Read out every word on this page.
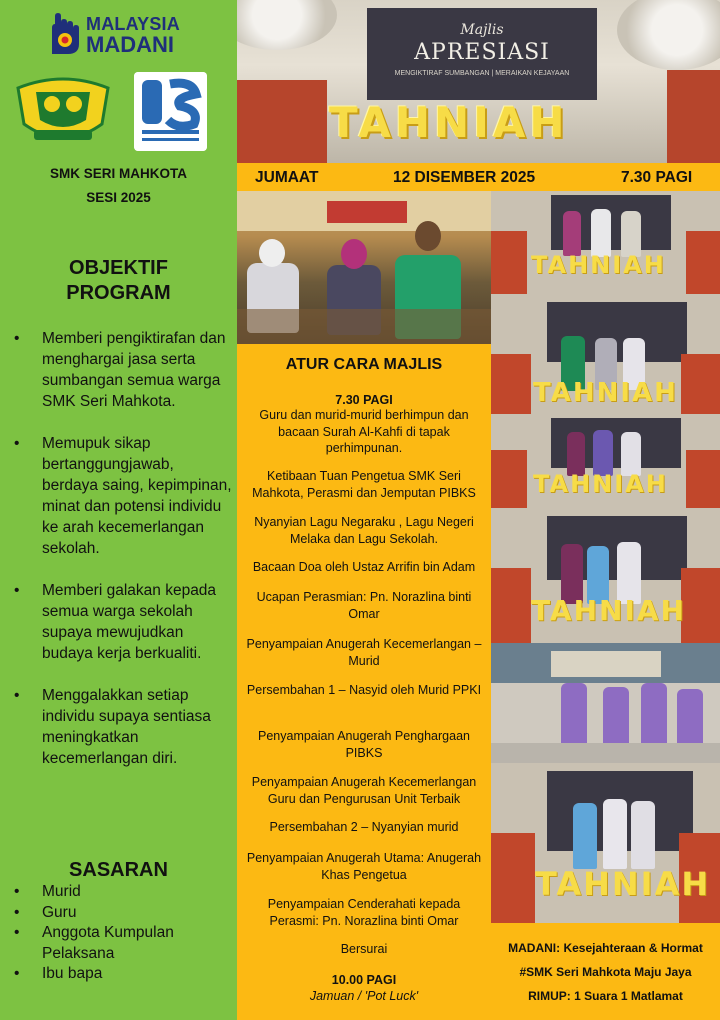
MALAYSIA
MADANI
SMK SERI MAHKOTA
SESI 2025
OBJEKTIF
PROGRAM
• Memberi pengiktirafan dan menghargai jasa serta sumbangan semua warga SMK Seri Mahkota.
• Memupuk sikap bertanggungjawab, berdaya saing, kepimpinan, minat dan potensi individu ke arah kecemerlangan sekolah.
• Memberi galakan kepada semua warga sekolah supaya mewujudkan budaya kerja berkualiti.
• Menggalakkan setiap individu supaya sentiasa meningkatkan kecemerlangan diri.
SASARAN
• Murid
• Guru
• Anggota Kumpulan Pelaksana
• Ibu bapa
Majlis
APRESIASI
MENGIKTIRAF SUMBANGAN | MERAIKAN KEJAYAAN
TAHNIAH
JUMAAT	12 DISEMBER 2025	7.30 PAGI
ATUR CARA MAJLIS
7.30 PAGI
Guru dan murid-murid berhimpun dan bacaan Surah Al-Kahfi di tapak perhimpunan.
Ketibaan Tuan Pengetua SMK Seri Mahkota, Perasmi dan Jemputan PIBKS
Nyanyian Lagu Negaraku , Lagu Negeri Melaka dan Lagu Sekolah.
Bacaan Doa oleh Ustaz Arrifin bin Adam
Ucapan Perasmian: Pn. Norazlina binti Omar
Penyampaian Anugerah Kecemerlangan – Murid
Persembahan 1 – Nasyid oleh Murid PPKI
Penyampaian Anugerah Penghargaan PIBKS
Penyampaian Anugerah Kecemerlangan Guru dan Pengurusan Unit Terbaik
Persembahan 2 – Nyanyian murid
Penyampaian Anugerah Utama: Anugerah Khas Pengetua
Penyampaian Cenderahati kepada Perasmi: Pn. Norazlina binti Omar
Bersurai
10.00 PAGI
Jamuan / 'Pot Luck'
TAHNIAH
TAHNIAH
TAHNIAH
TAHNIAH
TAHNIAH
MADANI: Kesejahteraan & Hormat
#SMK Seri Mahkota Maju Jaya
RIMUP: 1 Suara 1 Matlamat
